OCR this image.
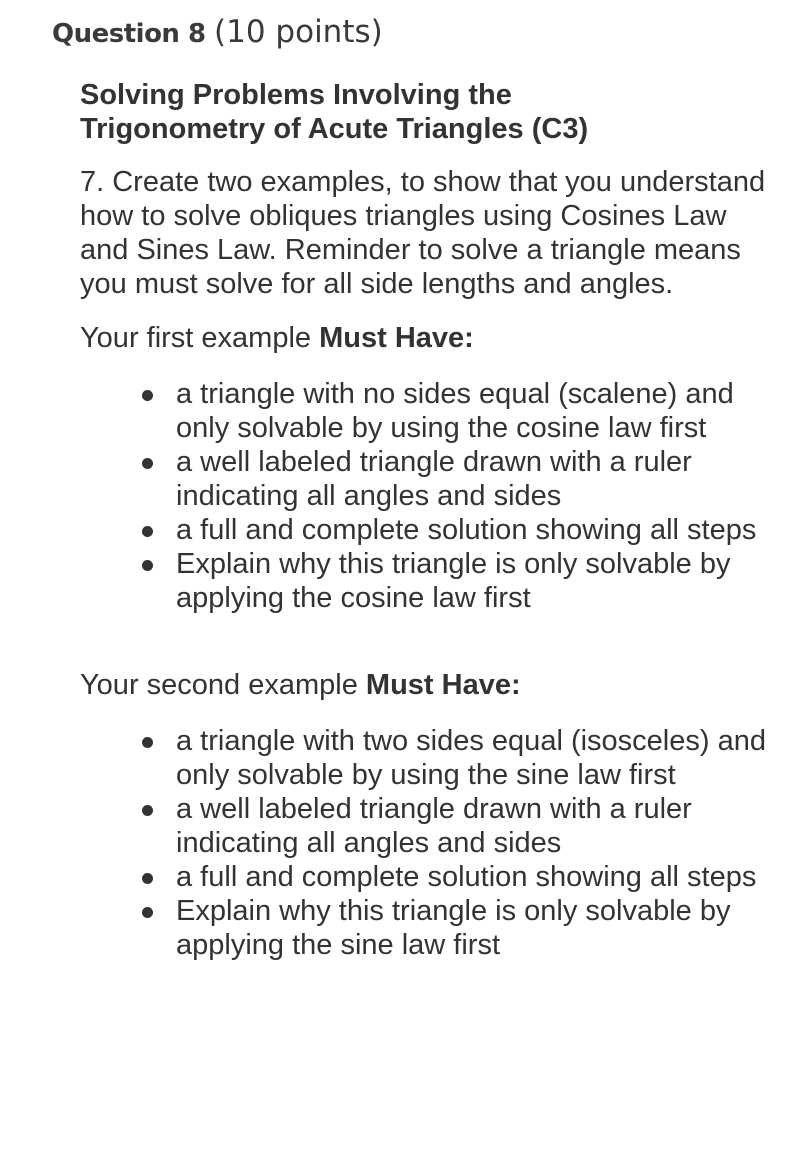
Question 8 (10 points)

Solving Problems Involving the Trigonometry of Acute Triangles (C3)

7. Create two examples, to show that you understand how to solve obliques triangles using Cosines Law and Sines Law. Reminder to solve a triangle means you must solve for all side lengths and angles.

Your first example Must Have:

a triangle with no sides equal (scalene) and only solvable by using the cosine law first
a well labeled triangle drawn with a ruler indicating all angles and sides
a full and complete solution showing all steps
Explain why this triangle is only solvable by applying the cosine law first

Your second example Must Have:

a triangle with two sides equal (isosceles) and only solvable by using the sine law first
a well labeled triangle drawn with a ruler indicating all angles and sides
a full and complete solution showing all steps
Explain why this triangle is only solvable by applying the sine law first
